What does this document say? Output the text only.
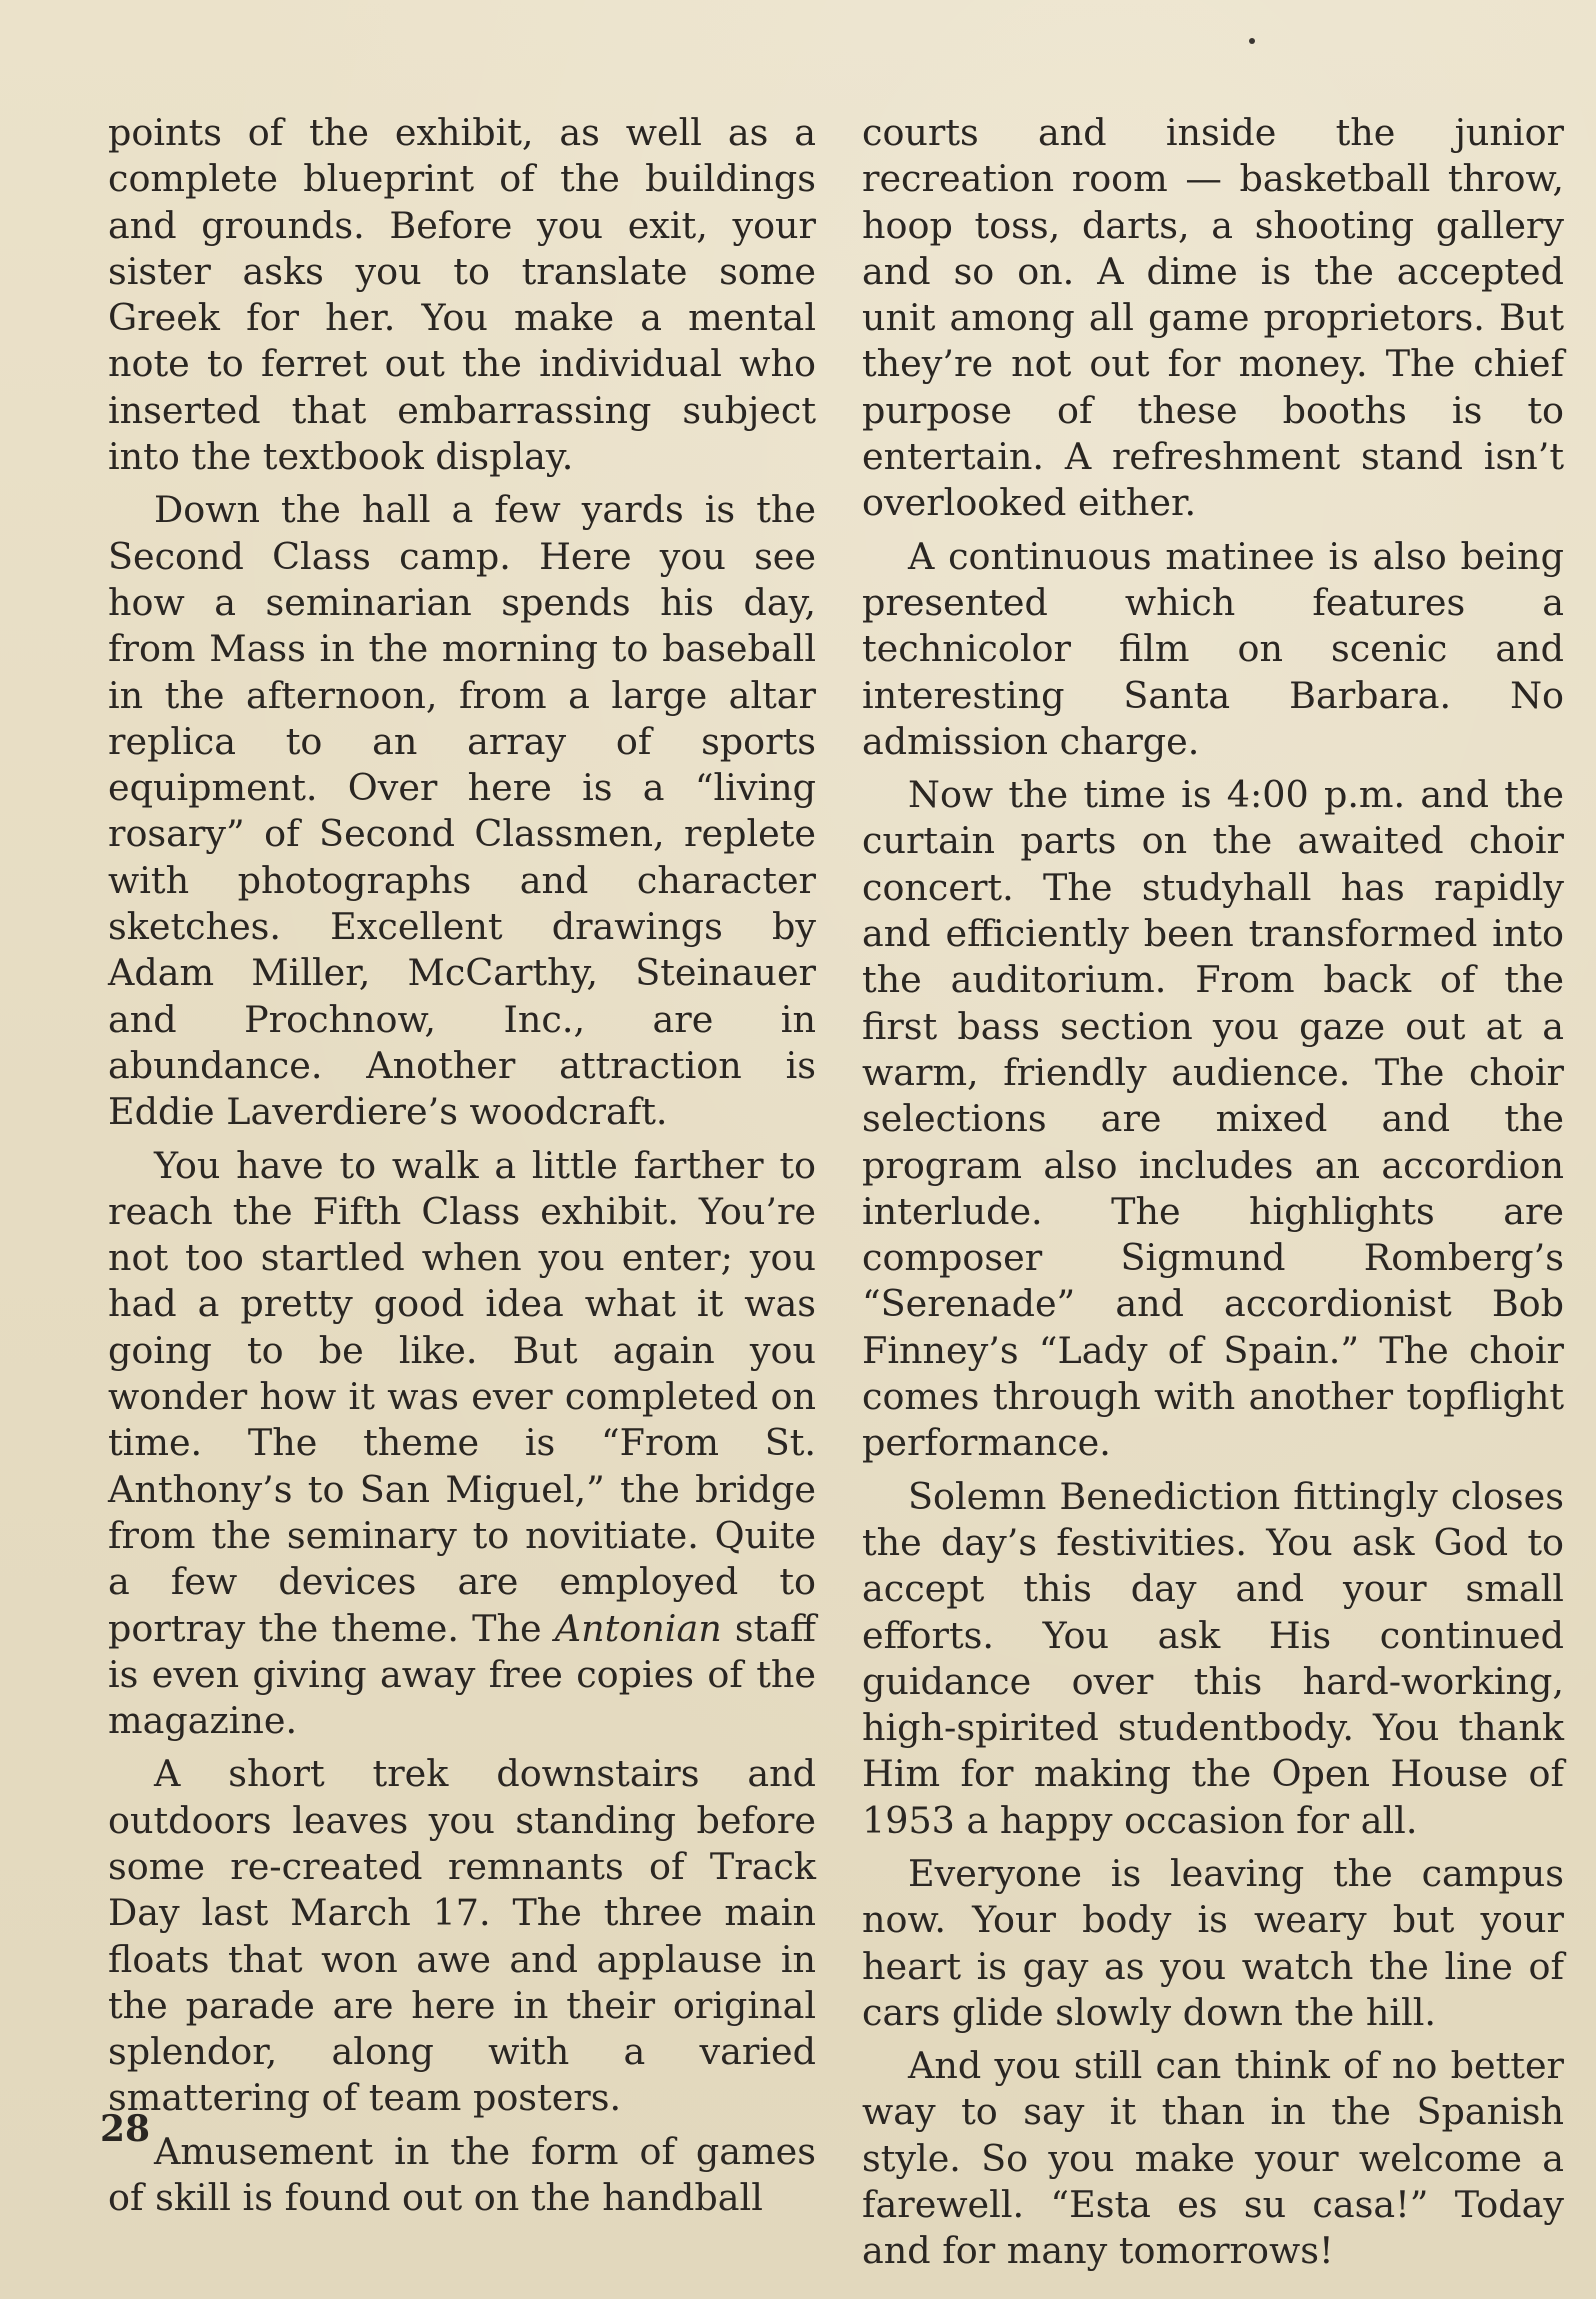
points of the exhibit, as well as a complete blueprint of the buildings and grounds. Before you exit, your sister asks you to translate some Greek for her. You make a mental note to ferret out the individual who inserted that embarrassing subject into the textbook display.

Down the hall a few yards is the Second Class camp. Here you see how a seminarian spends his day, from Mass in the morning to baseball in the afternoon, from a large altar replica to an array of sports equipment. Over here is a “living rosary” of Second Classmen, replete with photographs and character sketches. Excellent drawings by Adam Miller, McCarthy, Steinauer and Prochnow, Inc., are in abundance. Another attraction is Eddie Laverdiere’s woodcraft.

You have to walk a little farther to reach the Fifth Class exhibit. You’re not too startled when you enter; you had a pretty good idea what it was going to be like. But again you wonder how it was ever completed on time. The theme is “From St. Anthony’s to San Miguel,” the bridge from the seminary to novitiate. Quite a few devices are employed to portray the theme. The Antonian staff is even giving away free copies of the magazine.

A short trek downstairs and outdoors leaves you standing before some re-created remnants of Track Day last March 17. The three main floats that won awe and applause in the parade are here in their original splendor, along with a varied smattering of team posters.

Amusement in the form of games of skill is found out on the handball

courts and inside the junior recreation room — basketball throw, hoop toss, darts, a shooting gallery and so on. A dime is the accepted unit among all game proprietors. But they’re not out for money. The chief purpose of these booths is to entertain. A refreshment stand isn’t overlooked either.

A continuous matinee is also being presented which features a technicolor film on scenic and interesting Santa Barbara. No admission charge.

Now the time is 4:00 p.m. and the curtain parts on the awaited choir concert. The studyhall has rapidly and efficiently been transformed into the auditorium. From back of the first bass section you gaze out at a warm, friendly audience. The choir selections are mixed and the program also includes an accordion interlude. The highlights are composer Sigmund Romberg’s “Serenade” and accordionist Bob Finney’s “Lady of Spain.” The choir comes through with another topflight performance.

Solemn Benediction fittingly closes the day’s festivities. You ask God to accept this day and your small efforts. You ask His continued guidance over this hard-working, high-spirited studentbody. You thank Him for making the Open House of 1953 a happy occasion for all.

Everyone is leaving the campus now. Your body is weary but your heart is gay as you watch the line of cars glide slowly down the hill.

And you still can think of no better way to say it than in the Spanish style. So you make your welcome a farewell. “Esta es su casa!” Today and for many tomorrows!

28
